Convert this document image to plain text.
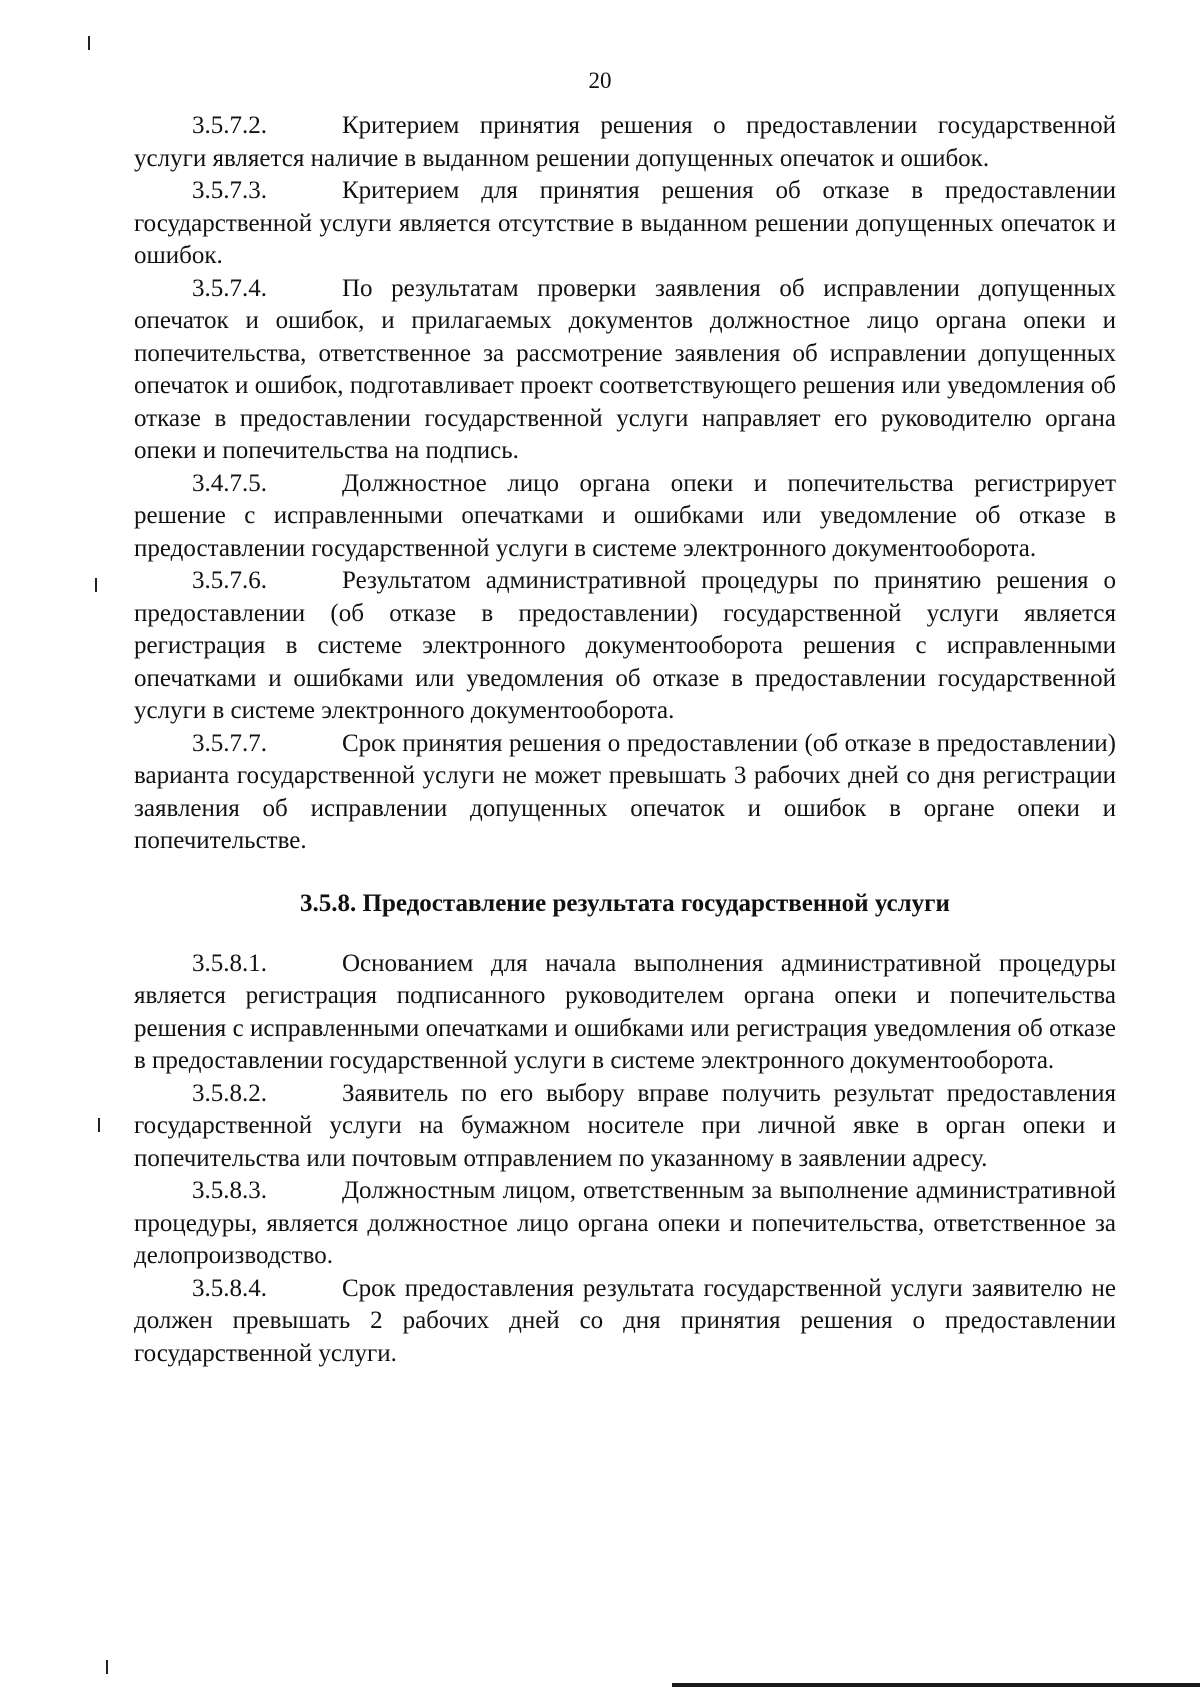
20

3.5.7.2.	Критерием принятия решения о предоставлении государственной услуги является наличие в выданном решении допущенных опечаток и ошибок.

3.5.7.3.	Критерием для принятия решения об отказе в предоставлении государственной услуги является отсутствие в выданном решении допущенных опечаток и ошибок.

3.5.7.4.	По результатам проверки заявления об исправлении допущенных опечаток и ошибок, и прилагаемых документов должностное лицо органа опеки и попечительства, ответственное за рассмотрение заявления об исправлении допущенных опечаток и ошибок, подготавливает проект соответствующего решения или уведомления об отказе в предоставлении государственной услуги направляет его руководителю органа опеки и попечительства на подпись.

3.4.7.5.	Должностное лицо органа опеки и попечительства регистрирует решение с исправленными опечатками и ошибками или уведомление об отказе в предоставлении государственной услуги в системе электронного документооборота.

3.5.7.6.	Результатом административной процедуры по принятию решения о предоставлении (об отказе в предоставлении) государственной услуги является регистрация в системе электронного документооборота решения с исправленными опечатками и ошибками или уведомления об отказе в предоставлении государственной услуги в системе электронного документооборота.

3.5.7.7.	Срок принятия решения о предоставлении (об отказе в предоставлении) варианта государственной услуги не может превышать 3 рабочих дней со дня регистрации заявления об исправлении допущенных опечаток и ошибок в органе опеки и попечительстве.

3.5.8. Предоставление результата государственной услуги

3.5.8.1.	Основанием для начала выполнения административной процедуры является регистрация подписанного руководителем органа опеки и попечительства решения с исправленными опечатками и ошибками или регистрация уведомления об отказе в предоставлении государственной услуги в системе электронного документооборота.

3.5.8.2.	Заявитель по его выбору вправе получить результат предоставления государственной услуги на бумажном носителе при личной явке в орган опеки и попечительства или почтовым отправлением по указанному в заявлении адресу.

3.5.8.3.	Должностным лицом, ответственным за выполнение административной процедуры, является должностное лицо органа опеки и попечительства, ответственное за делопроизводство.

3.5.8.4.	Срок предоставления результата государственной услуги заявителю не должен превышать 2 рабочих дней со дня принятия решения о предоставлении государственной услуги.
